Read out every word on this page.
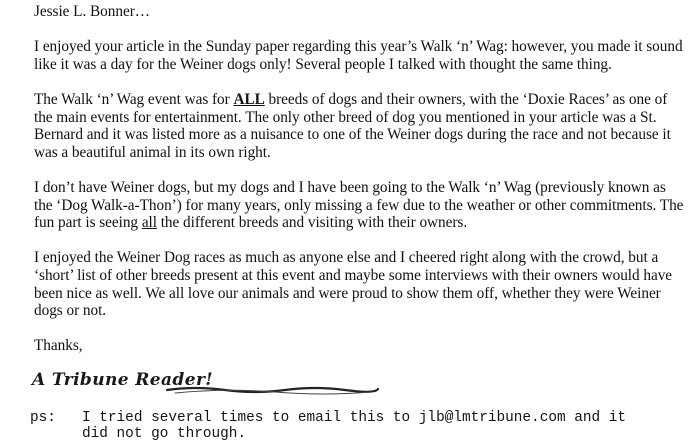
Jessie L. Bonner…

I enjoyed your article in the Sunday paper regarding this year’s Walk ‘n’ Wag: however, you made it sound like it was a day for the Weiner dogs only! Several people I talked with thought the same thing.

The Walk ‘n’ Wag event was for ALL breeds of dogs and their owners, with the ‘Doxie Races’ as one of the main events for entertainment. The only other breed of dog you mentioned in your article was a St. Bernard and it was listed more as a nuisance to one of the Weiner dogs during the race and not because it was a beautiful animal in its own right.

I don’t have Weiner dogs, but my dogs and I have been going to the Walk ‘n’ Wag (previously known as the ‘Dog Walk-a-Thon’) for many years, only missing a few due to the weather or other commitments. The fun part is seeing all the different breeds and visiting with their owners.

I enjoyed the Weiner Dog races as much as anyone else and I cheered right along with the crowd, but a ‘short’ list of other breeds present at this event and maybe some interviews with their owners would have been nice as well. We all love our animals and were proud to show them off, whether they were Weiner dogs or not.

Thanks,

A Tribune Reader!
ps: I tried several times to email this to jlb@lmtribune.com and it
did not go through.
